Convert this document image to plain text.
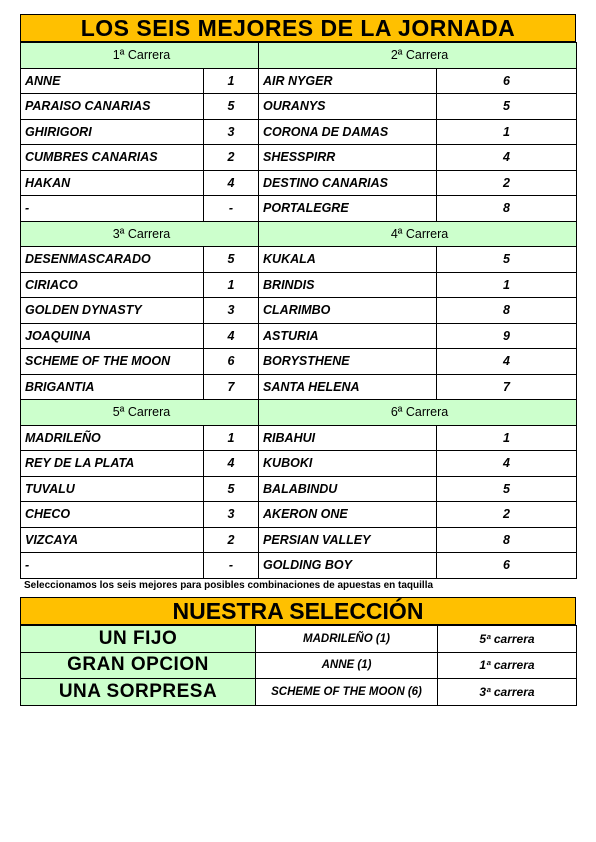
LOS SEIS MEJORES DE LA JORNADA
1ª Carrera		2ª Carrera	
ANNE	1	AIR NYGER	6
PARAISO CANARIAS	5	OURANYS	5
GHIRIGORI	3	CORONA DE DAMAS	1
CUMBRES CANARIAS	2	SHESSPIRR	4
HAKAN	4	DESTINO CANARIAS	2
-	-	PORTALEGRE	8
3ª Carrera		4ª Carrera	
DESENMASCARADO	5	KUKALA	5
CIRIACO	1	BRINDIS	1
GOLDEN DYNASTY	3	CLARIMBO	8
JOAQUINA	4	ASTURIA	9
SCHEME OF THE MOON	6	BORYSTHENE	4
BRIGANTIA	7	SANTA HELENA	7
5ª Carrera		6ª Carrera	
MADRILEÑO	1	RIBAHUI	1
REY DE LA PLATA	4	KUBOKI	4
TUVALU	5	BALABINDU	5
CHECO	3	AKERON ONE	2
VIZCAYA	2	PERSIAN VALLEY	8
-	-	GOLDING BOY	6
Seleccionamos los seis mejores para posibles combinaciones de apuestas en taquilla
NUESTRA SELECCIÓN
UN FIJO	MADRILEÑO (1)	5ª carrera
GRAN OPCION	ANNE (1)	1ª carrera
UNA SORPRESA	SCHEME OF THE MOON (6)	3ª carrera
